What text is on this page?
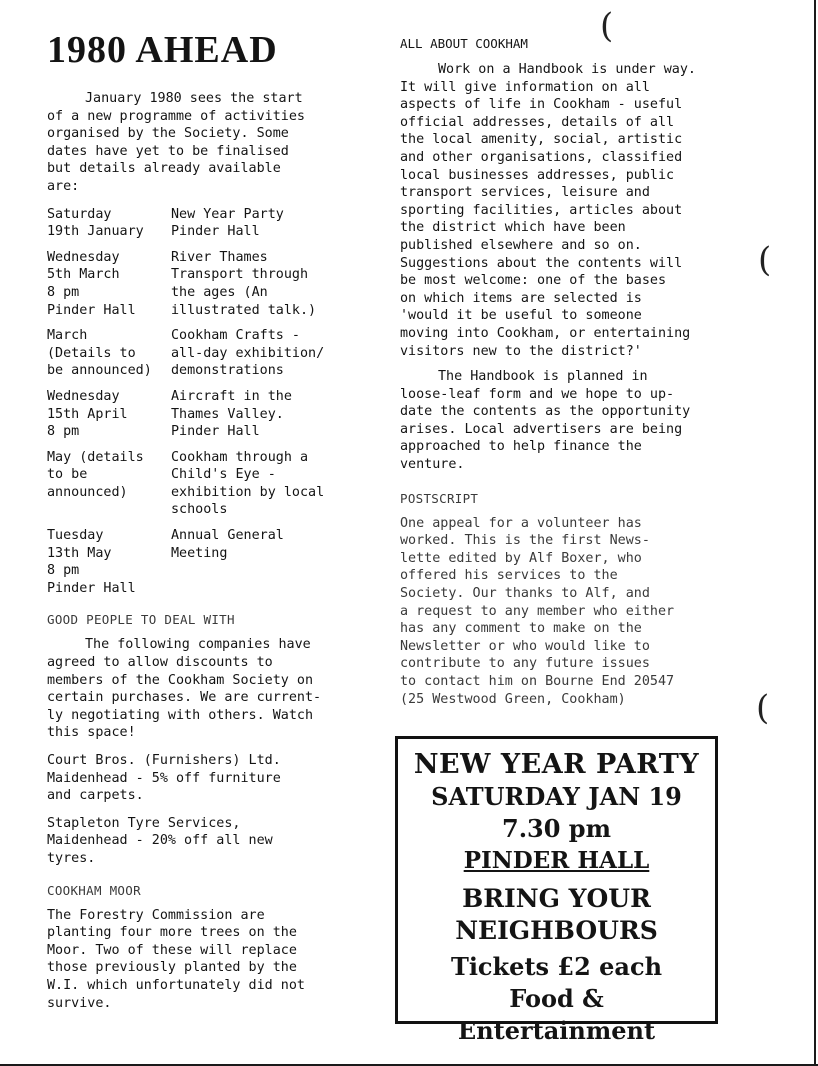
(
(
(
1980 AHEAD

January 1980 sees the start
of a new programme of activities
organised by the Society. Some
dates have yet to be finalised
but details already available
are:

Saturday
19th January
New Year Party
Pinder Hall
Wednesday
5th March
8 pm
Pinder Hall
River Thames
Transport through
the ages (An
illustrated talk.)
March
(Details to
be announced)
Cookham Crafts -
all-day exhibition/
demonstrations
Wednesday
15th April
8 pm
Aircraft in the
Thames Valley.
Pinder Hall
May (details
to be
announced)
Cookham through a
Child's Eye -
exhibition by local
schools
Tuesday
13th May
8 pm
Pinder Hall
Annual General
Meeting
GOOD PEOPLE TO DEAL WITH

The following companies have
agreed to allow discounts to
members of the Cookham Society on
certain purchases. We are current-
ly negotiating with others. Watch
this space!

Court Bros. (Furnishers) Ltd.
Maidenhead - 5% off furniture
and carpets.

Stapleton Tyre Services,
Maidenhead - 20% off all new
tyres.

COOKHAM MOOR

The Forestry Commission are
planting four more trees on the
Moor. Two of these will replace
those previously planted by the
W.I. which unfortunately did not
survive.

ALL ABOUT COOKHAM

Work on a Handbook is under way.
It will give information on all
aspects of life in Cookham - useful
official addresses, details of all
the local amenity, social, artistic
and other organisations, classified
local businesses addresses, public
transport services, leisure and
sporting facilities, articles about
the district which have been
published elsewhere and so on.
Suggestions about the contents will
be most welcome: one of the bases
on which items are selected is
'would it be useful to someone
moving into Cookham, or entertaining
visitors new to the district?'

The Handbook is planned in
loose-leaf form and we hope to up-
date the contents as the opportunity
arises. Local advertisers are being
approached to help finance the
venture.

POSTSCRIPT

One appeal for a volunteer has
worked. This is the first News-
lette edited by Alf Boxer, who
offered his services to the
Society. Our thanks to Alf, and
a request to any member who either
has any comment to make on the
Newsletter or who would like to
contribute to any future issues
to contact him on Bourne End 20547
(25 Westwood Green, Cookham)

NEW YEAR PARTY
SATURDAY JAN 19
7.30 pm
PINDER HALL
BRING YOUR
NEIGHBOURS
Tickets £2 each
Food &
Entertainment
